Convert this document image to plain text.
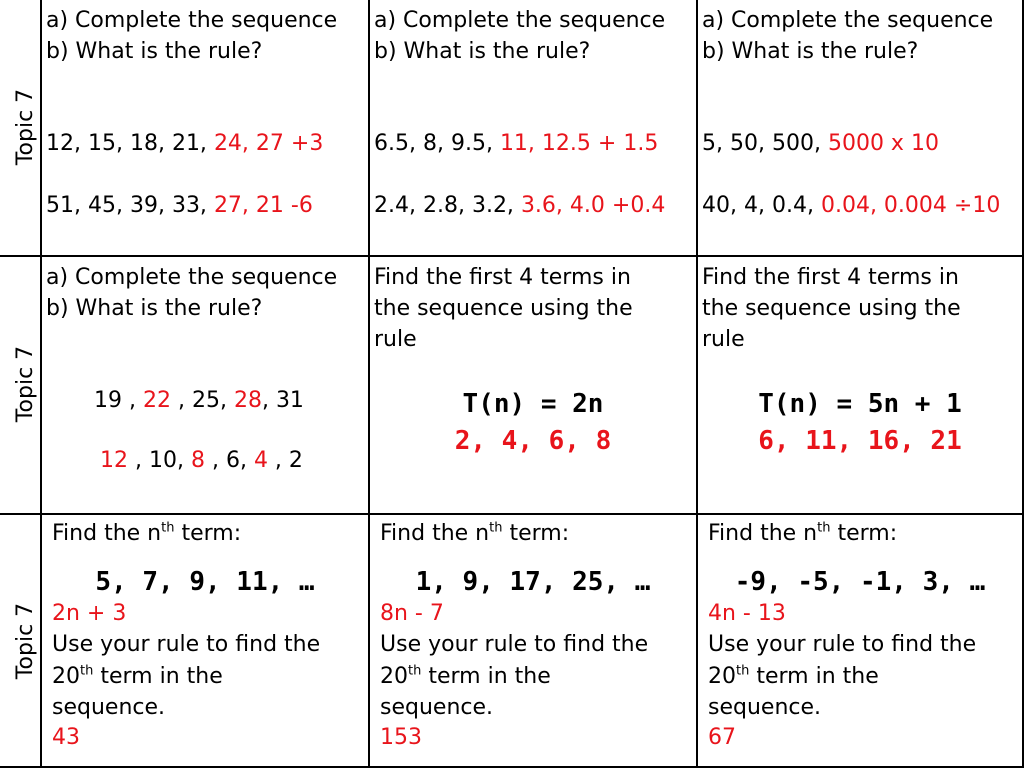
Topic 7
Topic 7
Topic 7
a) Complete the sequence
b) What is the rule?
12, 15, 18, 21, 24, 27 +3
51, 45, 39, 33, 27, 21 -6
a) Complete the sequence
b) What is the rule?
6.5, 8, 9.5, 11, 12.5 + 1.5
2.4, 2.8, 3.2, 3.6, 4.0 +0.4
a) Complete the sequence
b) What is the rule?
5, 50, 500, 5000 x 10
40, 4, 0.4, 0.04, 0.004 ÷10
a) Complete the sequence
b) What is the rule?
19 , 22 , 25, 28, 31
12 , 10, 8 , 6, 4 , 2
Find the first 4 terms in
the sequence using the
rule
T(n) = 2n
2, 4, 6, 8
Find the first 4 terms in
the sequence using the
rule
T(n) = 5n + 1
6, 11, 16, 21
Find the $n^{th}$ term:
5, 7, 9, 11, …
2n + 3
Use your rule to find the
20th term in the
sequence.
43
Find the $n^{th}$ term:
1, 9, 17, 25, …
8n - 7
Use your rule to find the
20th term in the
sequence.
153
Find the $n^{th}$ term:
-9, -5, -1, 3, …
4n - 13
Use your rule to find the
20th term in the
sequence.
67
